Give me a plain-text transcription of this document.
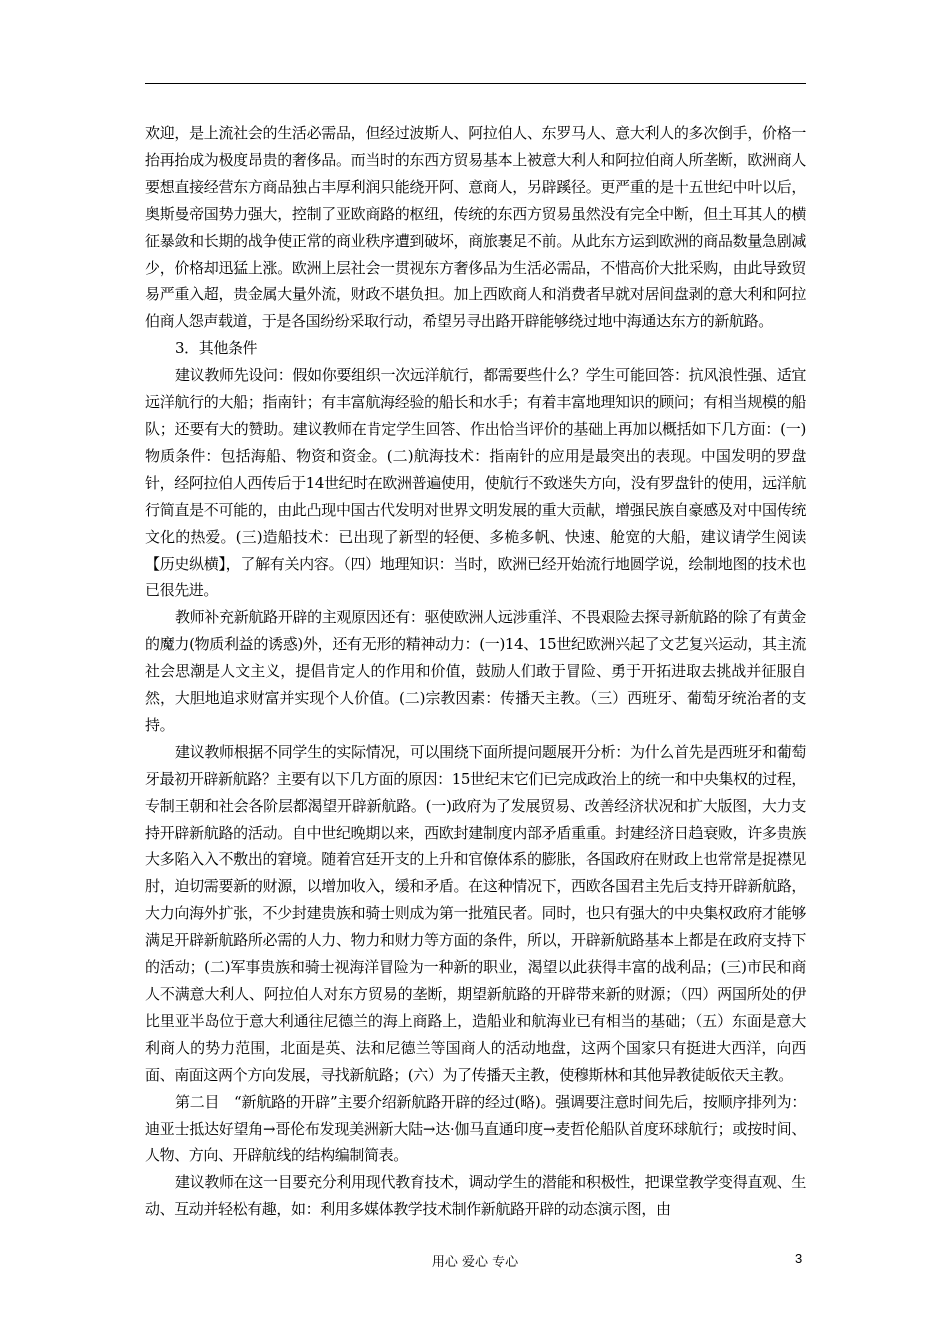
欢迎，是上流社会的生活必需品，但经过波斯人、阿拉伯人、东罗马人、意大利人的多次倒手，价格一抬再抬成为极度昂贵的奢侈品。而当时的东西方贸易基本上被意大利人和阿拉伯商人所垄断，欧洲商人要想直接经营东方商品独占丰厚利润只能绕开阿、意商人，另辟蹊径。更严重的是十五世纪中叶以后，奥斯曼帝国势力强大，控制了亚欧商路的枢纽，传统的东西方贸易虽然没有完全中断，但土耳其人的横征暴敛和长期的战争使正常的商业秩序遭到破坏，商旅裹足不前。从此东方运到欧洲的商品数量急剧减少，价格却迅猛上涨。欧洲上层社会一贯视东方奢侈品为生活必需品，不惜高价大批采购，由此导致贸易严重入超，贵金属大量外流，财政不堪负担。加上西欧商人和消费者早就对居间盘剥的意大利和阿拉伯商人怨声载道，于是各国纷纷采取行动，希望另寻出路开辟能够绕过地中海通达东方的新航路。

3．其他条件

建议教师先设问：假如你要组织一次远洋航行，都需要些什么？学生可能回答：抗风浪性强、适宜远洋航行的大船；指南针；有丰富航海经验的船长和水手；有着丰富地理知识的顾问；有相当规模的船队；还要有大的赞助。建议教师在肯定学生回答、作出恰当评价的基础上再加以概括如下几方面：(一)物质条件：包括海船、物资和资金。(二)航海技术：指南针的应用是最突出的表现。中国发明的罗盘针，经阿拉伯人西传后于14世纪时在欧洲普遍使用，使航行不致迷失方向，没有罗盘针的使用，远洋航行简直是不可能的，由此凸现中国古代发明对世界文明发展的重大贡献，增强民族自豪感及对中国传统文化的热爱。(三)造船技术：已出现了新型的轻便、多桅多帆、快速、舱宽的大船，建议请学生阅读【历史纵横】，了解有关内容。（四）地理知识：当时，欧洲已经开始流行地圆学说，绘制地图的技术也已很先进。

教师补充新航路开辟的主观原因还有：驱使欧洲人远涉重洋、不畏艰险去探寻新航路的除了有黄金的魔力(物质利益的诱惑)外，还有无形的精神动力：(一)14、15世纪欧洲兴起了文艺复兴运动，其主流社会思潮是人文主义，提倡肯定人的作用和价值，鼓励人们敢于冒险、勇于开拓进取去挑战并征服自然，大胆地追求财富并实现个人价值。(二)宗教因素：传播天主教。（三）西班牙、葡萄牙统治者的支持。

建议教师根据不同学生的实际情况，可以围绕下面所提问题展开分析：为什么首先是西班牙和葡萄牙最初开辟新航路？主要有以下几方面的原因：15世纪末它们已完成政治上的统一和中央集权的过程，专制王朝和社会各阶层都渴望开辟新航路。(一)政府为了发展贸易、改善经济状况和扩大版图，大力支持开辟新航路的活动。自中世纪晚期以来，西欧封建制度内部矛盾重重。封建经济日趋衰败，许多贵族大多陷入入不敷出的窘境。随着宫廷开支的上升和官僚体系的膨胀，各国政府在财政上也常常是捉襟见肘，迫切需要新的财源，以增加收入，缓和矛盾。在这种情况下，西欧各国君主先后支持开辟新航路，大力向海外扩张，不少封建贵族和骑士则成为第一批殖民者。同时，也只有强大的中央集权政府才能够满足开辟新航路所必需的人力、物力和财力等方面的条件，所以，开辟新航路基本上都是在政府支持下的活动；(二)军事贵族和骑士视海洋冒险为一种新的职业，渴望以此获得丰富的战利品；(三)市民和商人不满意大利人、阿拉伯人对东方贸易的垄断，期望新航路的开辟带来新的财源；（四）两国所处的伊比里亚半岛位于意大利通往尼德兰的海上商路上，造船业和航海业已有相当的基础；（五）东面是意大利商人的势力范围，北面是英、法和尼德兰等国商人的活动地盘，这两个国家只有挺进大西洋，向西面、南面这两个方向发展，寻找新航路；(六）为了传播天主教，使穆斯林和其他异教徒皈依天主教。

第二目　“新航路的开辟”主要介绍新航路开辟的经过(略)。强调要注意时间先后，按顺序排列为：迪亚士抵达好望角→哥伦布发现美洲新大陆→达·伽马直通印度→麦哲伦船队首度环球航行；或按时间、人物、方向、开辟航线的结构编制简表。

建议教师在这一目要充分利用现代教育技术，调动学生的潜能和积极性，把课堂教学变得直观、生动、互动并轻松有趣，如：利用多媒体教学技术制作新航路开辟的动态演示图，由

用心 爱心 专心	3
